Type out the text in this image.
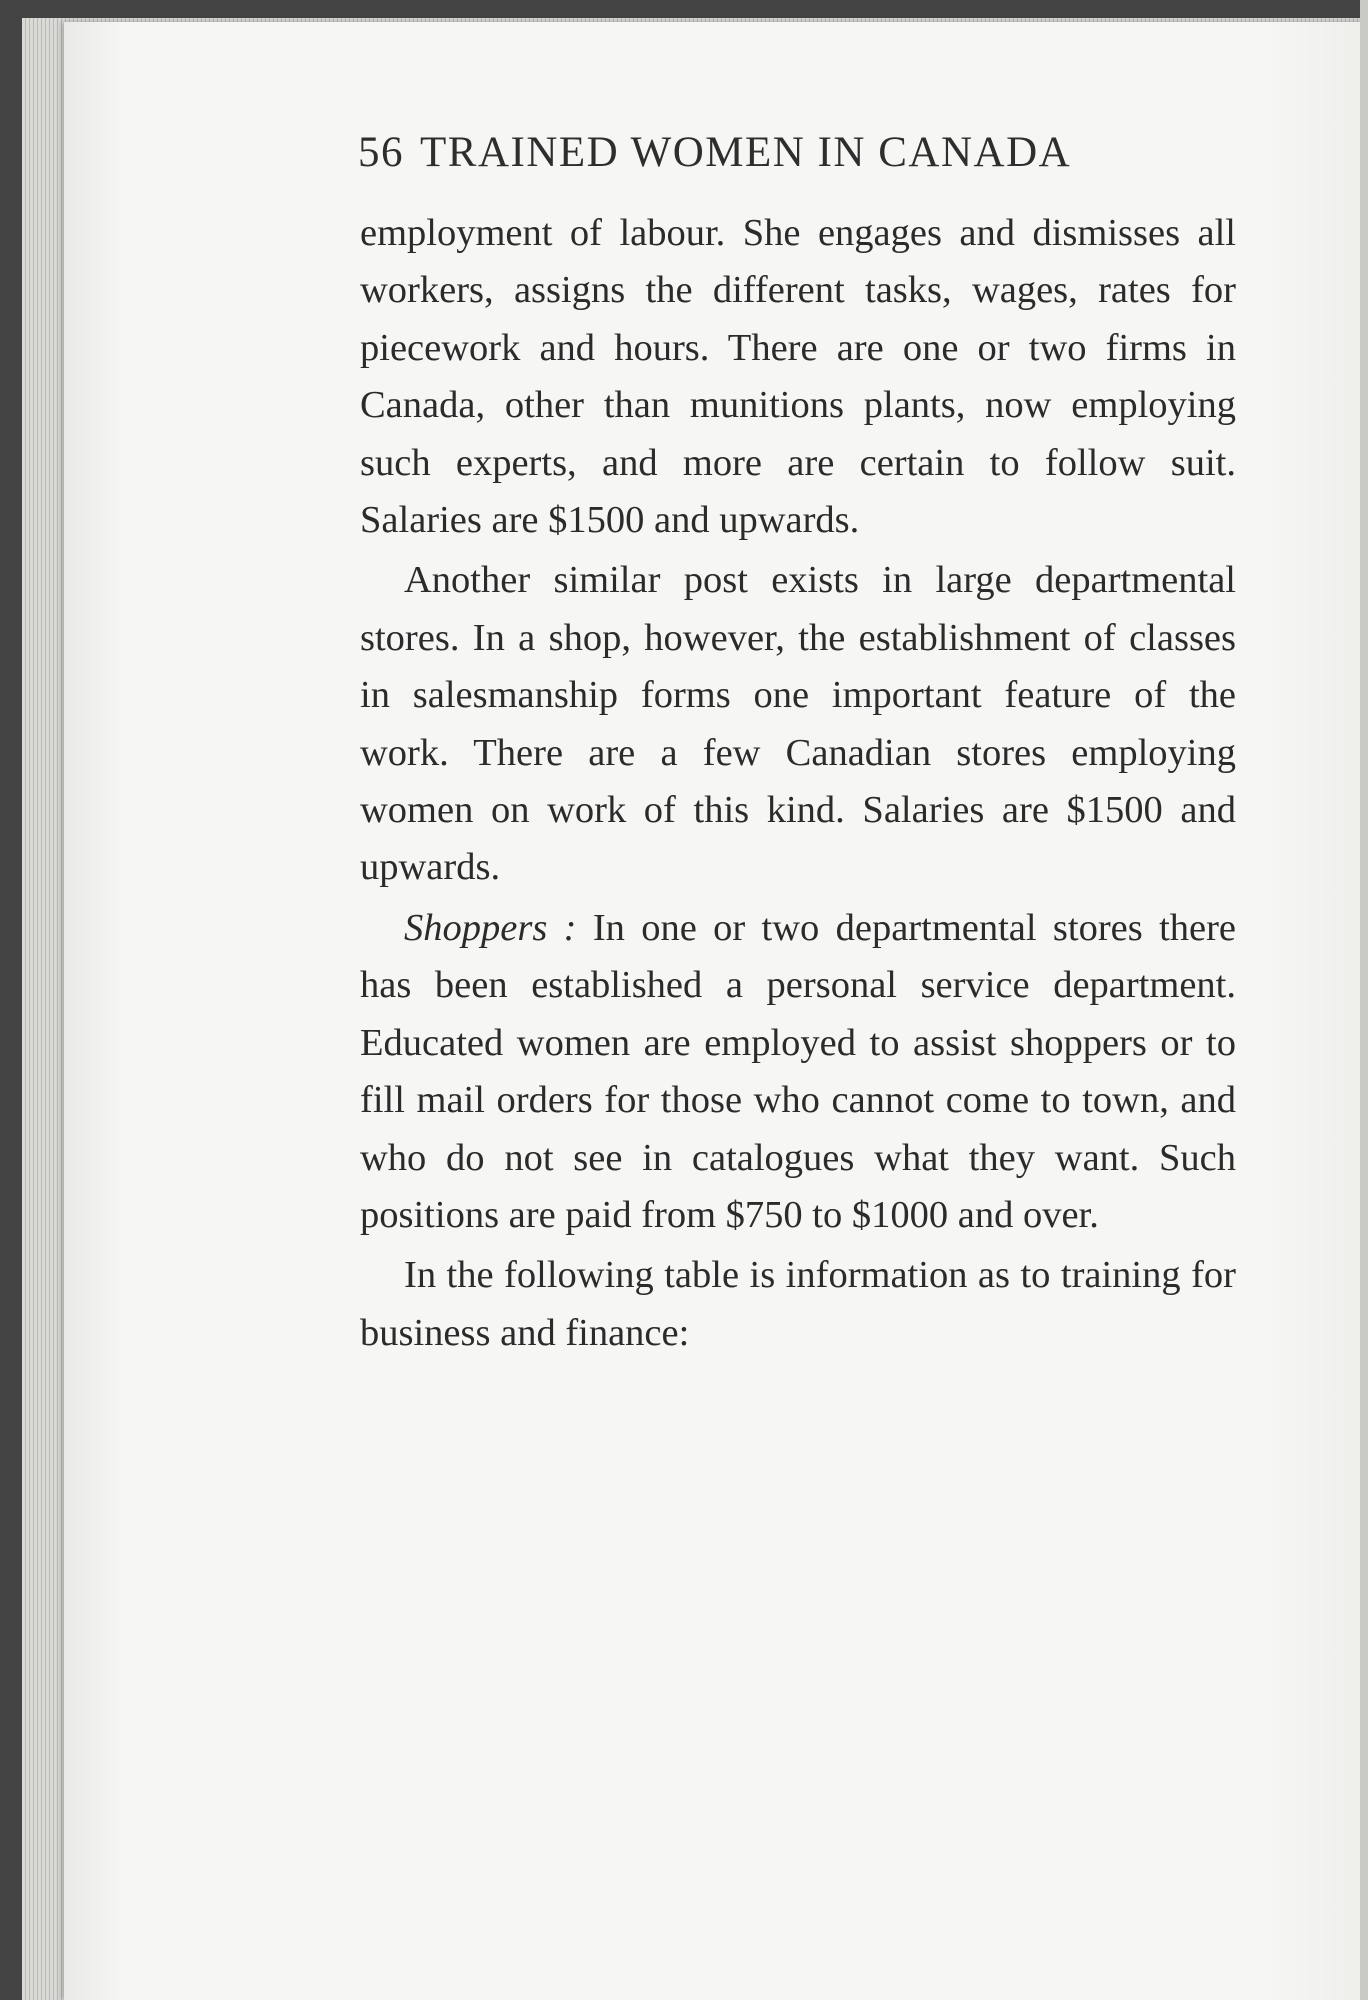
56 TRAINED WOMEN IN CANADA

employment of labour. She engages and dismisses all workers, assigns the different tasks, wages, rates for piecework and hours. There are one or two firms in Canada, other than munitions plants, now employing such experts, and more are certain to follow suit. Salaries are $1500 and upwards.

Another similar post exists in large departmental stores. In a shop, however, the establishment of classes in salesmanship forms one important feature of the work. There are a few Canadian stores employing women on work of this kind. Salaries are $1500 and upwards.

Shoppers : In one or two departmental stores there has been established a personal service department. Educated women are employed to assist shoppers or to fill mail orders for those who cannot come to town, and who do not see in catalogues what they want. Such positions are paid from $750 to $1000 and over.

In the following table is information as to training for business and finance:
